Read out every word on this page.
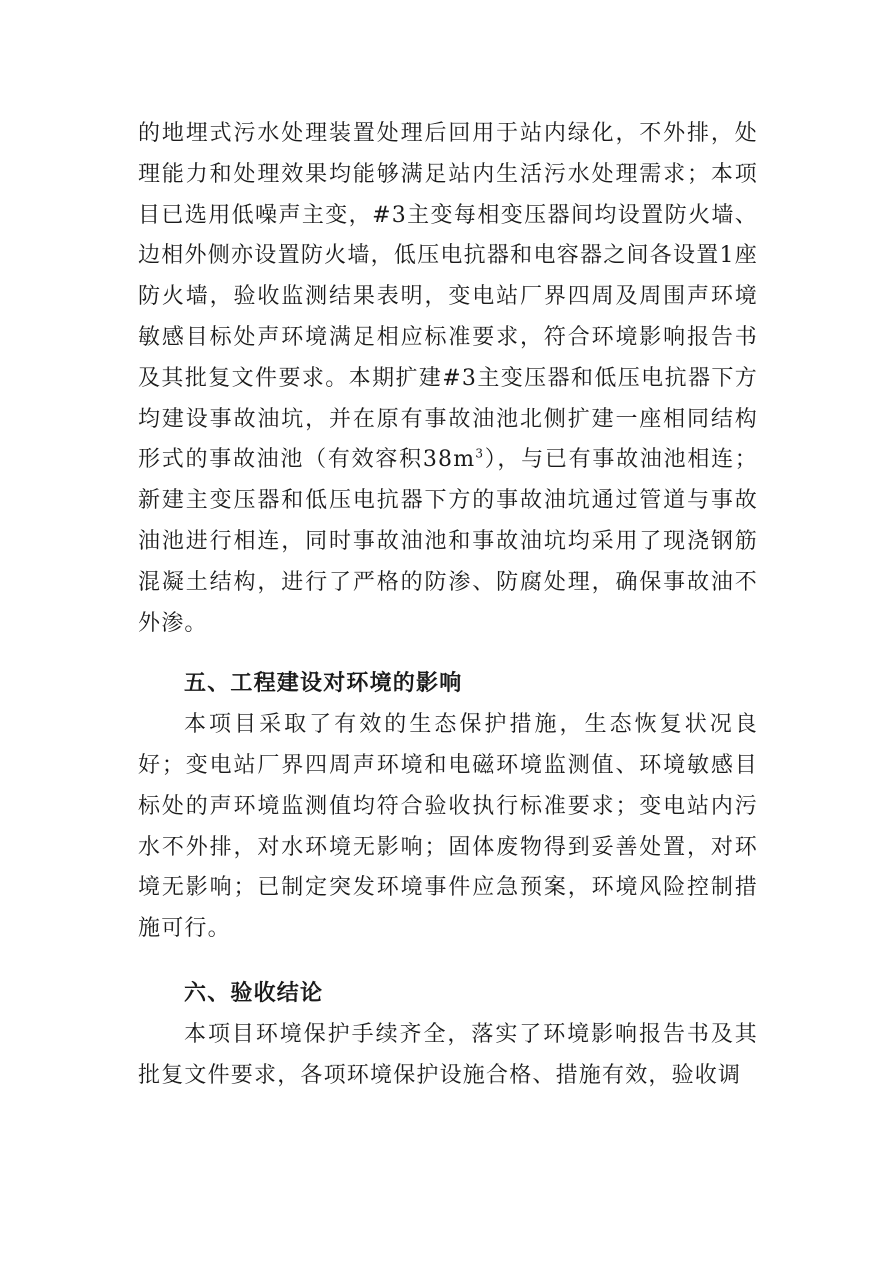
的地埋式污水处理装置处理后回用于站内绿化，不外排，处理能力和处理效果均能够满足站内生活污水处理需求；本项目已选用低噪声主变，#3主变每相变压器间均设置防火墙、边相外侧亦设置防火墙，低压电抗器和电容器之间各设置1座防火墙，验收监测结果表明，变电站厂界四周及周围声环境敏感目标处声环境满足相应标准要求，符合环境影响报告书及其批复文件要求。本期扩建#3主变压器和低压电抗器下方均建设事故油坑，并在原有事故油池北侧扩建一座相同结构形式的事故油池（有效容积$38m^3$），与已有事故油池相连；新建主变压器和低压电抗器下方的事故油坑通过管道与事故油池进行相连，同时事故油池和事故油坑均采用了现浇钢筋混凝土结构，进行了严格的防渗、防腐处理，确保事故油不外渗。

五、工程建设对环境的影响

本项目采取了有效的生态保护措施，生态恢复状况良好；变电站厂界四周声环境和电磁环境监测值、环境敏感目标处的声环境监测值均符合验收执行标准要求；变电站内污水不外排，对水环境无影响；固体废物得到妥善处置，对环境无影响；已制定突发环境事件应急预案，环境风险控制措施可行。

六、验收结论

本项目环境保护手续齐全，落实了环境影响报告书及其批复文件要求，各项环境保护设施合格、措施有效，验收调
